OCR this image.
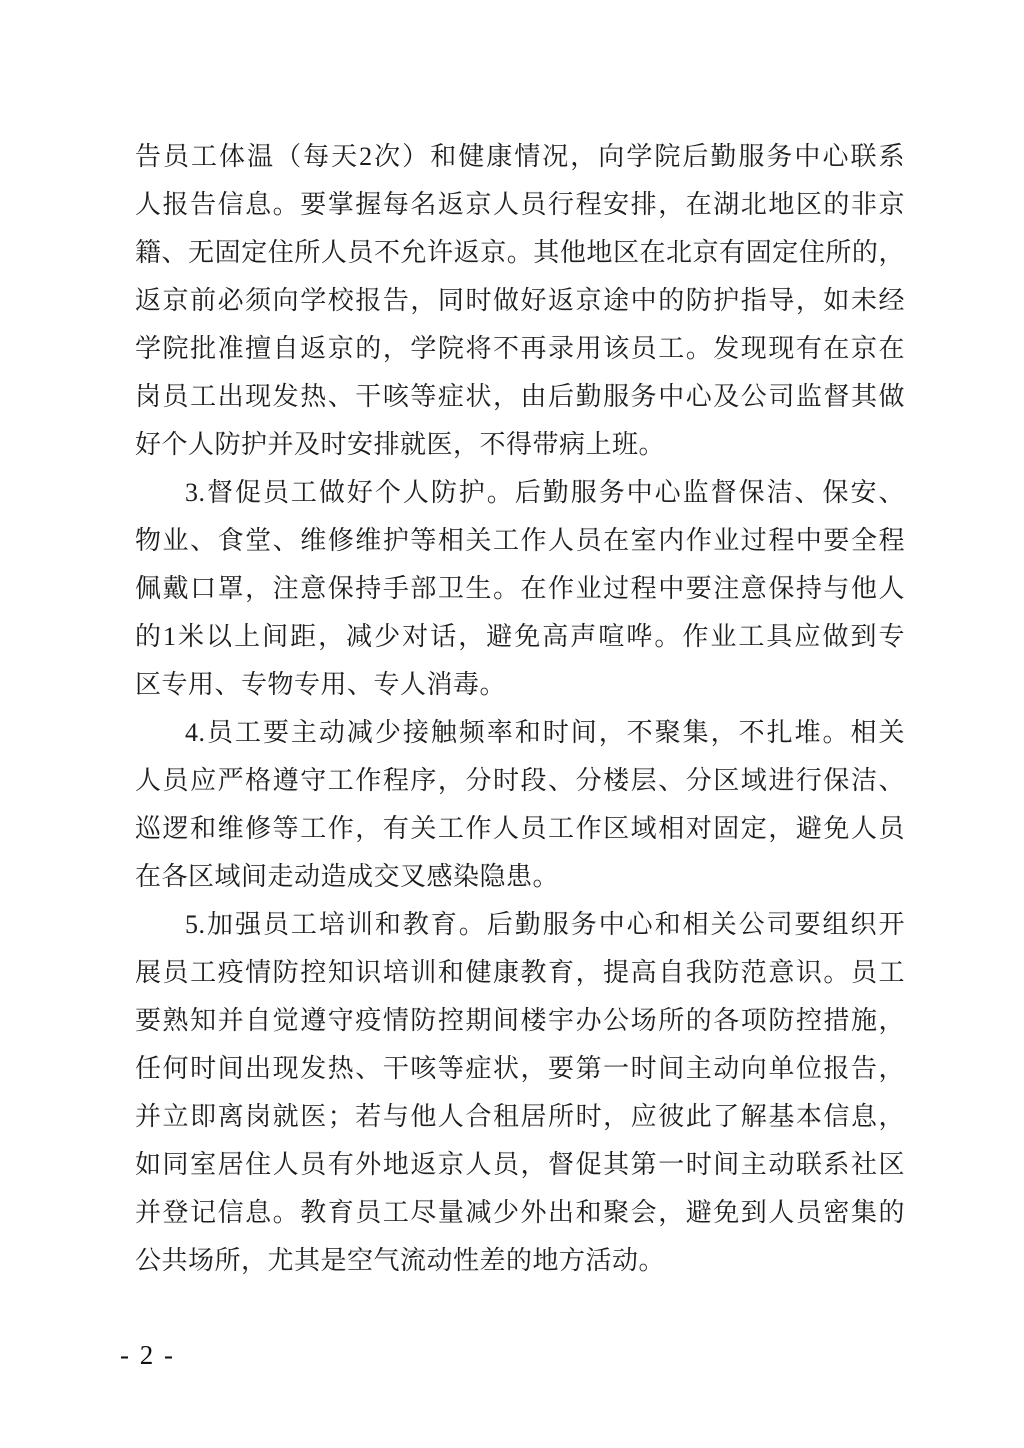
告员工体温（每天2次）和健康情况，向学院后勤服务中心联系
人报告信息。要掌握每名返京人员行程安排，在湖北地区的非京
籍、无固定住所人员不允许返京。其他地区在北京有固定住所的，
返京前必须向学校报告，同时做好返京途中的防护指导，如未经
学院批准擅自返京的，学院将不再录用该员工。发现现有在京在
岗员工出现发热、干咳等症状，由后勤服务中心及公司监督其做
好个人防护并及时安排就医，不得带病上班。
3.督促员工做好个人防护。后勤服务中心监督保洁、保安、
物业、食堂、维修维护等相关工作人员在室内作业过程中要全程
佩戴口罩，注意保持手部卫生。在作业过程中要注意保持与他人
的1米以上间距，减少对话，避免高声喧哗。作业工具应做到专
区专用、专物专用、专人消毒。
4.员工要主动减少接触频率和时间，不聚集，不扎堆。相关
人员应严格遵守工作程序，分时段、分楼层、分区域进行保洁、
巡逻和维修等工作，有关工作人员工作区域相对固定，避免人员
在各区域间走动造成交叉感染隐患。
5.加强员工培训和教育。后勤服务中心和相关公司要组织开
展员工疫情防控知识培训和健康教育，提高自我防范意识。员工
要熟知并自觉遵守疫情防控期间楼宇办公场所的各项防控措施，
任何时间出现发热、干咳等症状，要第一时间主动向单位报告，
并立即离岗就医；若与他人合租居所时，应彼此了解基本信息，
如同室居住人员有外地返京人员，督促其第一时间主动联系社区
并登记信息。教育员工尽量减少外出和聚会，避免到人员密集的
公共场所，尤其是空气流动性差的地方活动。
- 2 -
